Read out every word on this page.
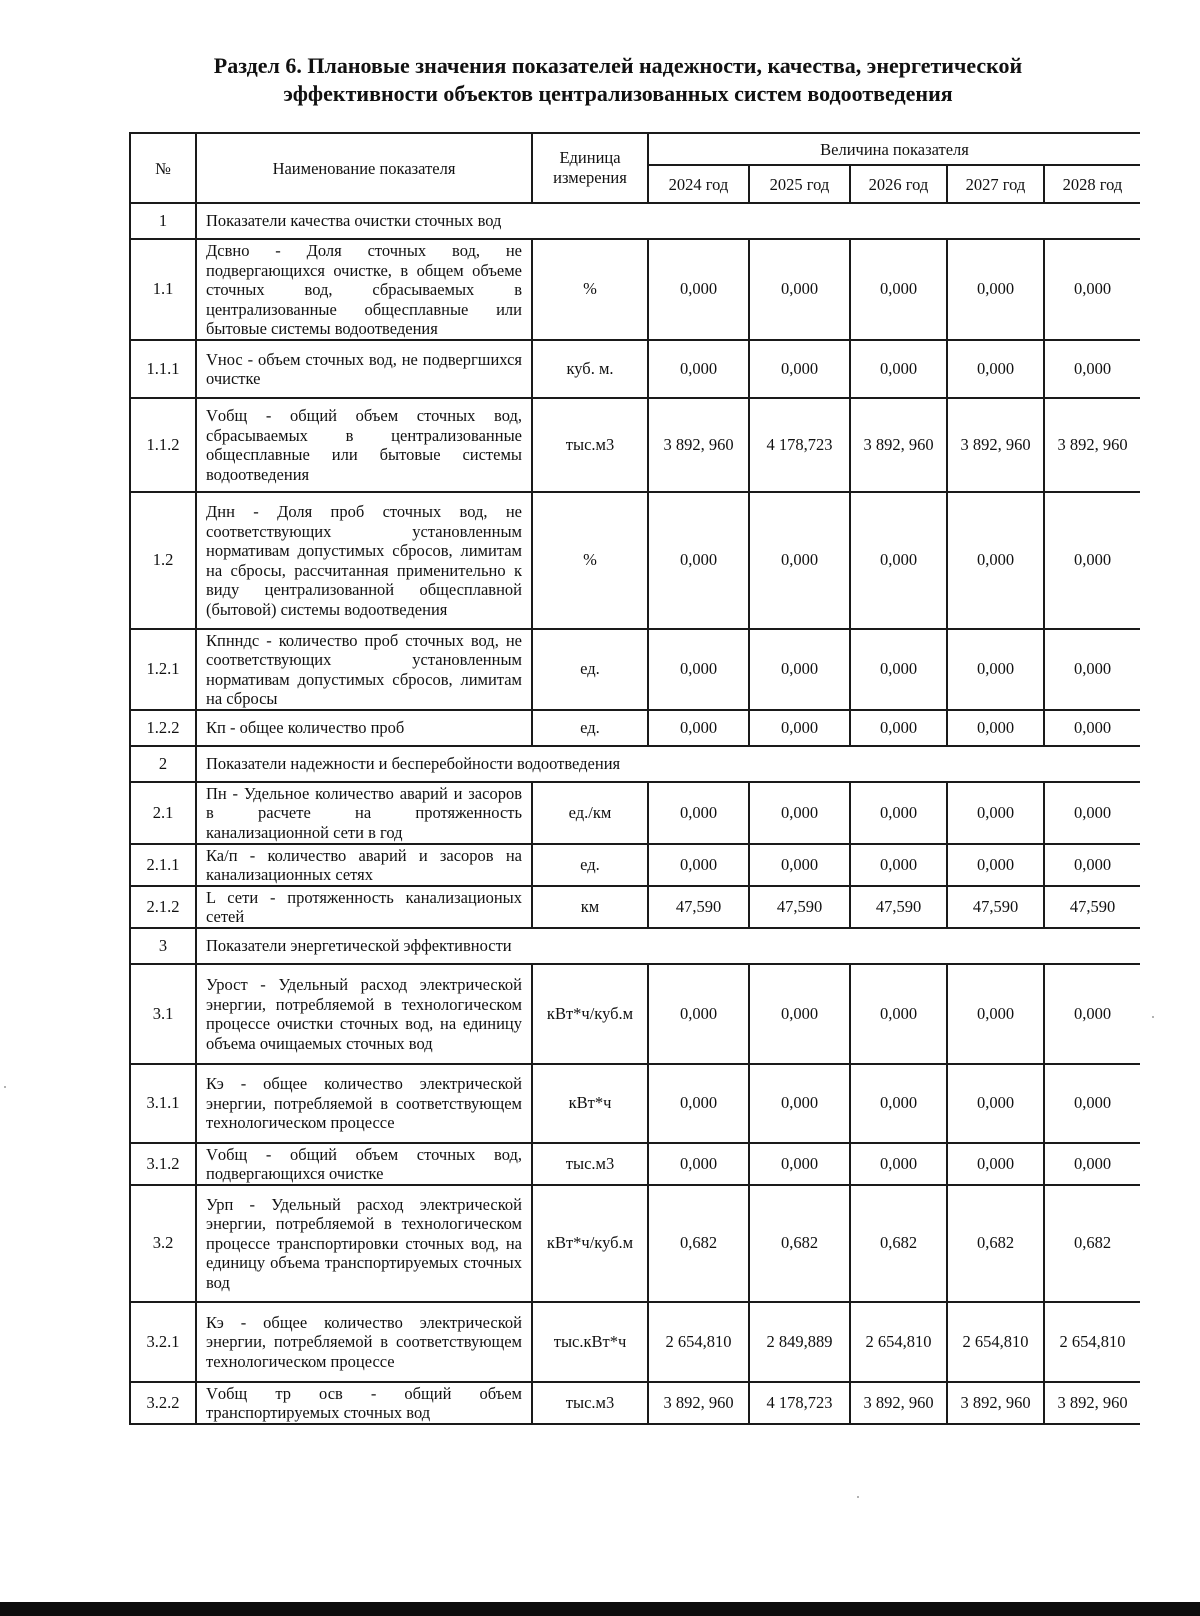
Раздел 6. Плановые значения показателей надежности, качества, энергетической
эффективности объектов централизованных систем водоотведения
№	Наименование показателя	Единица измерения	Величина показателя				
			2024 год	2025 год	2026 год	2027 год	2028 год
1	Показатели качества очистки сточных вод						
1.1	Дсвно - Доля сточных вод, не подвергающихся очистке, в общем объеме сточных вод, сбрасываемых в централизованные общесплавные или бытовые системы водоотведения	%	0,000	0,000	0,000	0,000	0,000
1.1.1	Vнос - объем сточных вод, не подвергшихся очистке	куб. м.	0,000	0,000	0,000	0,000	0,000
1.1.2	Vобщ - общий объем сточных вод, сбрасываемых в централизованные общесплавные или бытовые системы водоотведения	тыс.м3	3 892, 960	4 178,723	3 892, 960	3 892, 960	3 892, 960
1.2	Днн - Доля проб сточных вод, не соответствующих установленным нормативам допустимых сбросов, лимитам на сбросы, рассчитанная применительно к виду централизованной общесплавной (бытовой) системы водоотведения	%	0,000	0,000	0,000	0,000	0,000
1.2.1	Кпнндс - количество проб сточных вод, не соответствующих установленным нормативам допустимых сбросов, лимитам на сбросы	ед.	0,000	0,000	0,000	0,000	0,000
1.2.2	Кп - общее количество проб	ед.	0,000	0,000	0,000	0,000	0,000
2	Показатели надежности и бесперебойности водоотведения						
2.1	Пн - Удельное количество аварий и засоров в расчете на протяженность канализационной сети в год	ед./км	0,000	0,000	0,000	0,000	0,000
2.1.1	Ка/п - количество аварий и засоров на канализационных сетях	ед.	0,000	0,000	0,000	0,000	0,000
2.1.2	L сети - протяженность канализационых сетей	км	47,590	47,590	47,590	47,590	47,590
3	Показатели энергетической эффективности						
3.1	Урост - Удельный расход электрической энергии, потребляемой в технологическом процессе очистки сточных вод, на единицу объема очищаемых сточных вод	кВт*ч/куб.м	0,000	0,000	0,000	0,000	0,000
3.1.1	Кэ - общее количество электрической энергии, потребляемой в соответствующем технологическом процессе	кВт*ч	0,000	0,000	0,000	0,000	0,000
3.1.2	Vобщ - общий объем сточных вод, подвергающихся очистке	тыс.м3	0,000	0,000	0,000	0,000	0,000
3.2	Урп - Удельный расход электрической энергии, потребляемой в технологическом процессе транспортировки сточных вод, на единицу объема транспортируемых сточных вод	кВт*ч/куб.м	0,682	0,682	0,682	0,682	0,682
3.2.1	Кэ - общее количество электрической энергии, потребляемой в соответствующем технологическом процессе	тыс.кВт*ч	2 654,810	2 849,889	2 654,810	2 654,810	2 654,810
3.2.2	Vобщ тр осв - общий объем транспортируемых сточных вод	тыс.м3	3 892, 960	4 178,723	3 892, 960	3 892, 960	3 892, 960
